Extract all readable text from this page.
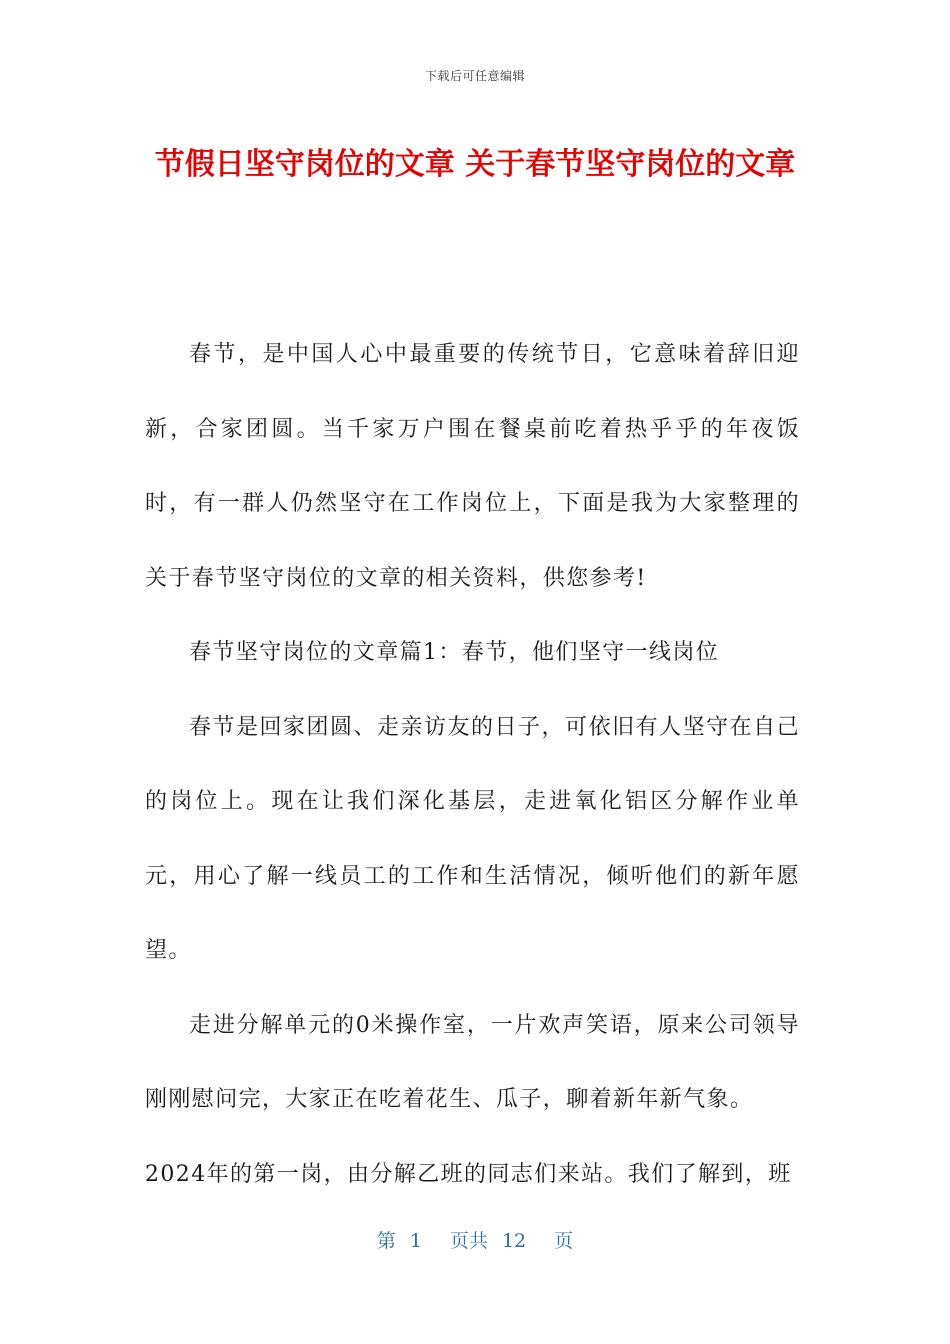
下载后可任意编辑
节假日坚守岗位的文章 关于春节坚守岗位的文章

春节，是中国人心中最重要的传统节日，它意味着辞旧迎新，合家团圆。当千家万户围在餐桌前吃着热乎乎的年夜饭时，有一群人仍然坚守在工作岗位上，下面是我为大家整理的关于春节坚守岗位的文章的相关资料，供您参考!

春节坚守岗位的文章篇1：春节，他们坚守一线岗位

春节是回家团圆、走亲访友的日子，可依旧有人坚守在自己的岗位上。现在让我们深化基层，走进氧化铝区分解作业单元，用心了解一线员工的工作和生活情况，倾听他们的新年愿望。

走进分解单元的0米操作室，一片欢声笑语，原来公司领导刚刚慰问完，大家正在吃着花生、瓜子，聊着新年新气象。

2024年的第一岗，由分解乙班的同志们来站。我们了解到，班

第 1 页共 12 页
